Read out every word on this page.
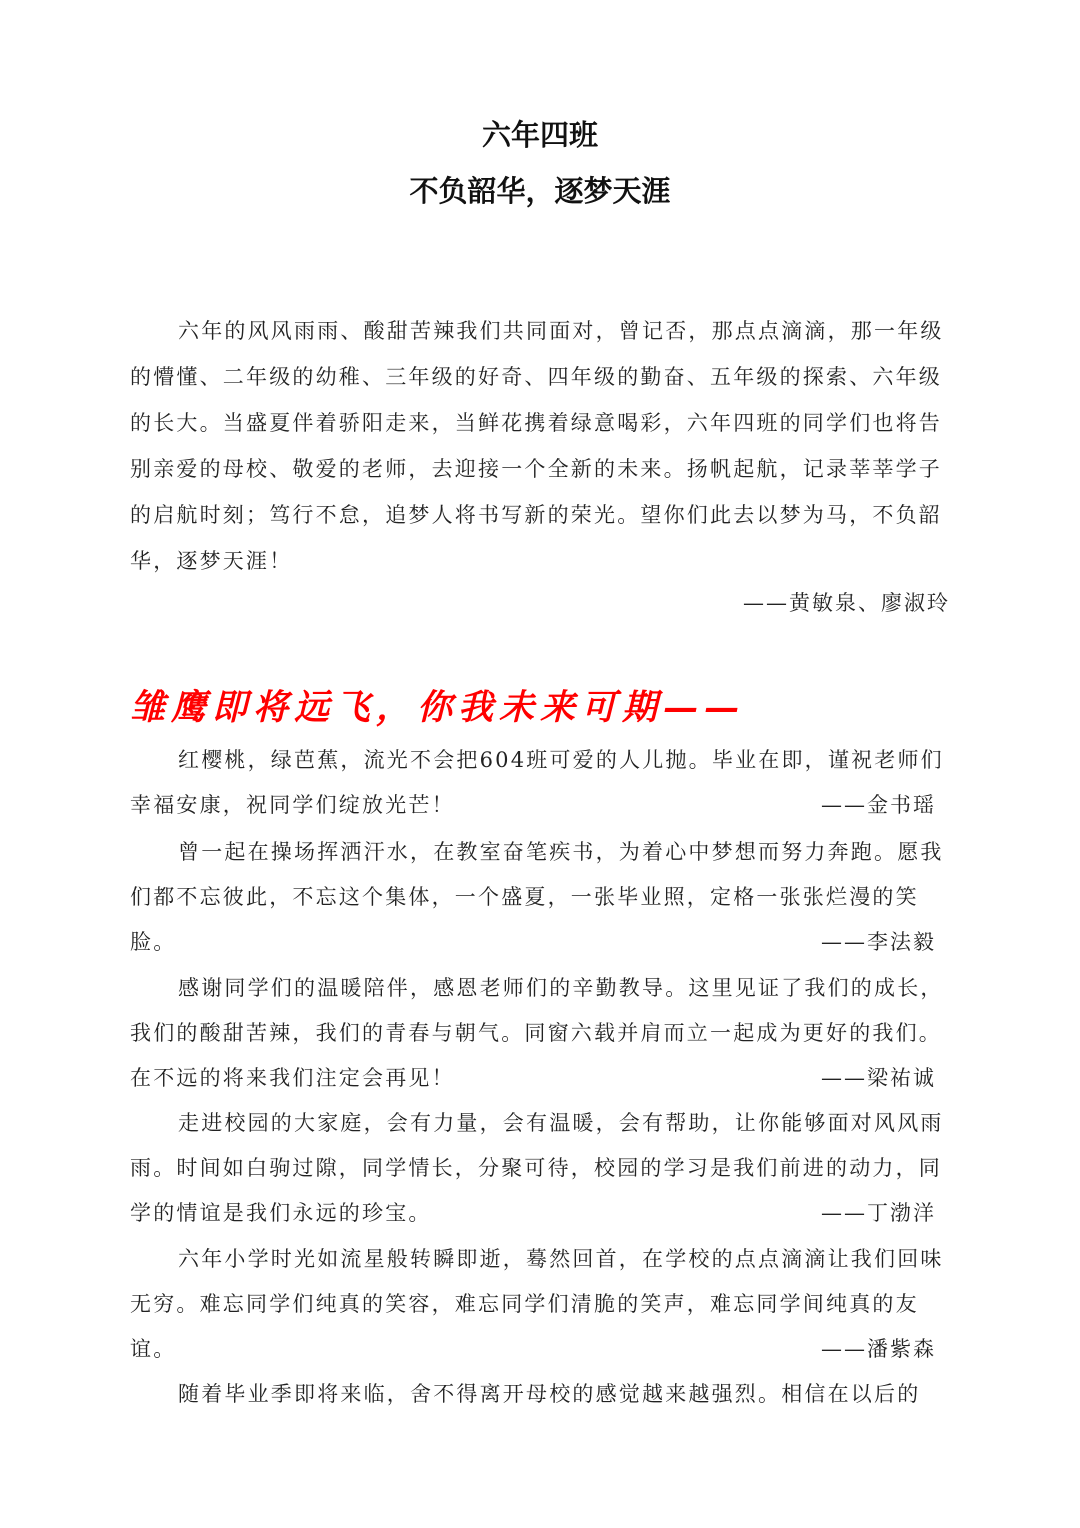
六年四班
不负韶华，逐梦天涯

六年的风风雨雨、酸甜苦辣我们共同面对，曾记否，那点点滴滴，那一年级的懵懂、二年级的幼稚、三年级的好奇、四年级的勤奋、五年级的探索、六年级的长大。当盛夏伴着骄阳走来，当鲜花携着绿意喝彩，六年四班的同学们也将告别亲爱的母校、敬爱的老师，去迎接一个全新的未来。扬帆起航，记录莘莘学子的启航时刻；笃行不怠，追梦人将书写新的荣光。望你们此去以梦为马，不负韶华，逐梦天涯！

——黄敏泉、廖淑玲

雏鹰即将远飞，你我未来可期——

红樱桃，绿芭蕉，流光不会把604班可爱的人儿抛。毕业在即，谨祝老师们幸福安康，祝同学们绽放光芒！	——金书瑶

曾一起在操场挥洒汗水，在教室奋笔疾书，为着心中梦想而努力奔跑。愿我们都不忘彼此，不忘这个集体，一个盛夏，一张毕业照，定格一张张烂漫的笑脸。	——李法毅

感谢同学们的温暖陪伴，感恩老师们的辛勤教导。这里见证了我们的成长，我们的酸甜苦辣，我们的青春与朝气。同窗六载并肩而立一起成为更好的我们。在不远的将来我们注定会再见！	——梁祐诚

走进校园的大家庭，会有力量，会有温暖，会有帮助，让你能够面对风风雨雨。时间如白驹过隙，同学情长，分聚可待，校园的学习是我们前进的动力，同学的情谊是我们永远的珍宝。	——丁渤洋

六年小学时光如流星般转瞬即逝，蓦然回首，在学校的点点滴滴让我们回味无穷。难忘同学们纯真的笑容，难忘同学们清脆的笑声，难忘同学间纯真的友谊。	——潘紫森

随着毕业季即将来临，舍不得离开母校的感觉越来越强烈。相信在以后的
